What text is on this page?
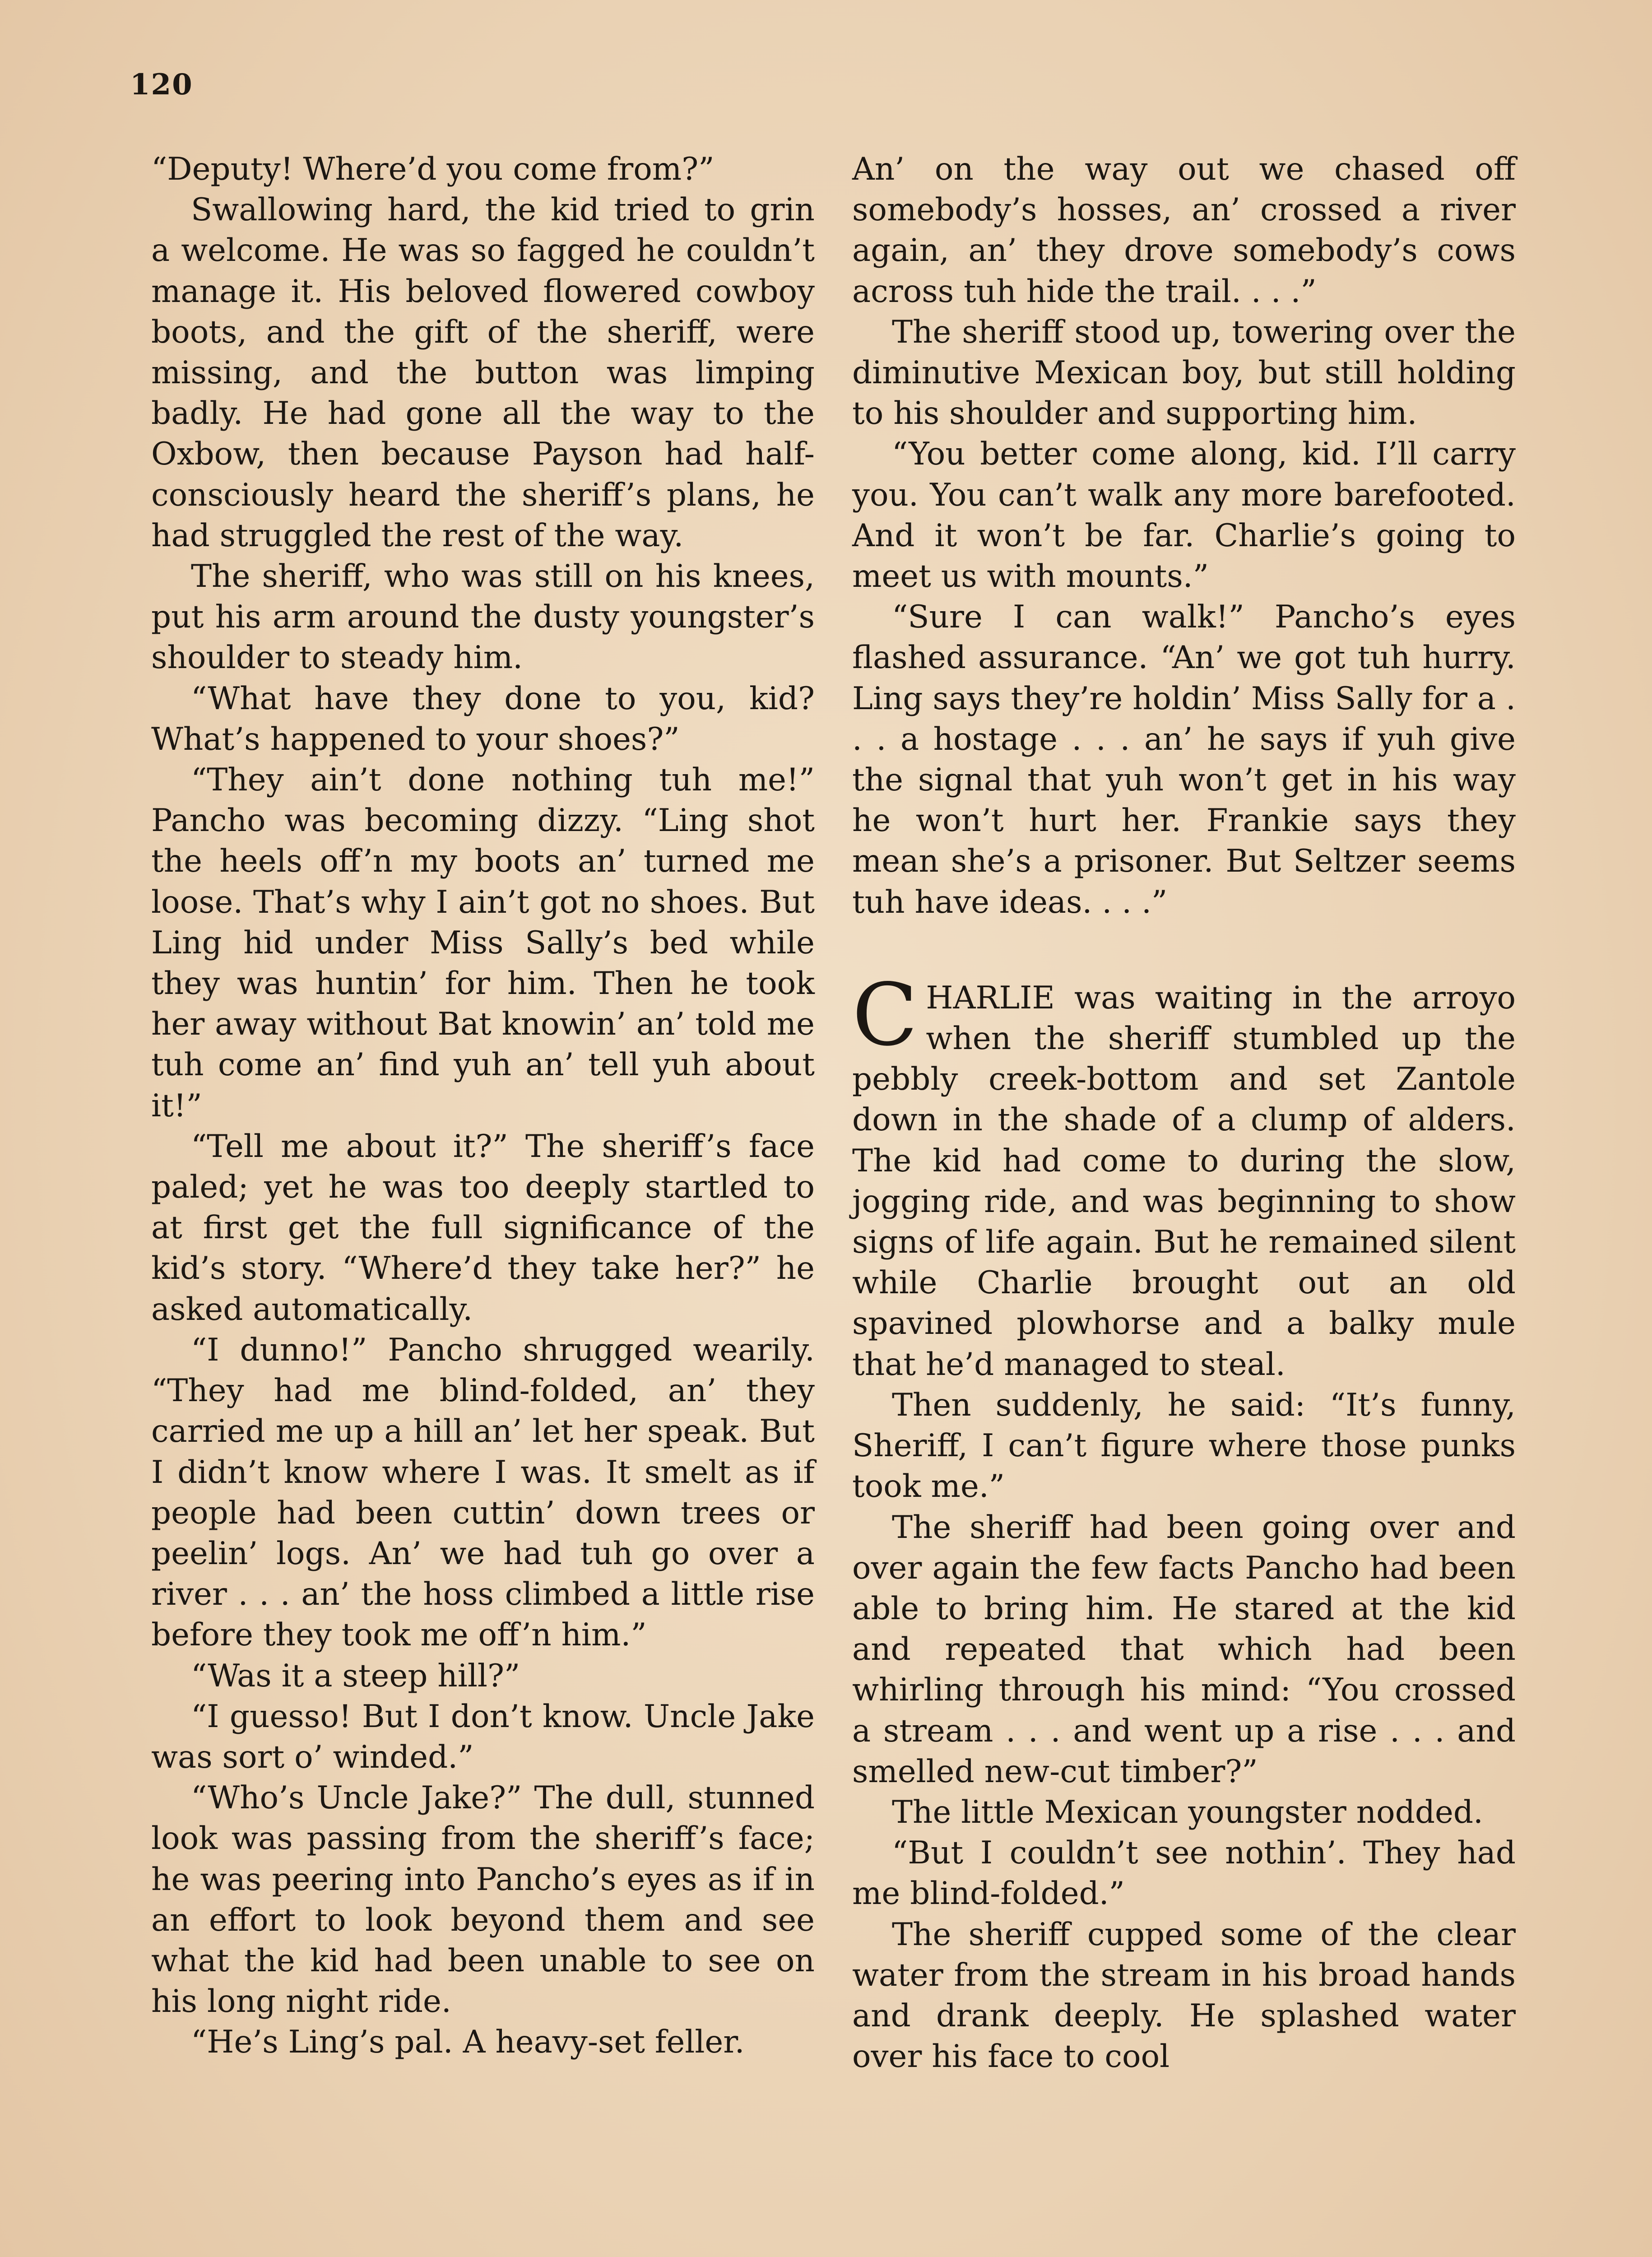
120

“Deputy! Where’d you come from?”

Swallowing hard, the kid tried to grin a welcome. He was so fagged he couldn’t manage it. His beloved flowered cowboy boots, and the gift of the sheriff, were missing, and the button was limping badly. He had gone all the way to the Oxbow, then because Payson had half-consciously heard the sheriff’s plans, he had struggled the rest of the way.

The sheriff, who was still on his knees, put his arm around the dusty youngster’s shoulder to steady him.

“What have they done to you, kid? What’s happened to your shoes?”

“They ain’t done nothing tuh me!” Pancho was becoming dizzy. “Ling shot the heels off’n my boots an’ turned me loose. That’s why I ain’t got no shoes. But Ling hid under Miss Sally’s bed while they was huntin’ for him. Then he took her away without Bat knowin’ an’ told me tuh come an’ find yuh an’ tell yuh about it!”

“Tell me about it?” The sheriff’s face paled; yet he was too deeply startled to at first get the full significance of the kid’s story. “Where’d they take her?” he asked automatically.

“I dunno!” Pancho shrugged wearily. “They had me blind-folded, an’ they carried me up a hill an’ let her speak. But I didn’t know where I was. It smelt as if people had been cuttin’ down trees or peelin’ logs. An’ we had tuh go over a river . . . an’ the hoss climbed a little rise before they took me off’n him.”

“Was it a steep hill?”

“I guesso! But I don’t know. Uncle Jake was sort o’ winded.”

“Who’s Uncle Jake?” The dull, stunned look was passing from the sheriff’s face; he was peering into Pancho’s eyes as if in an effort to look beyond them and see what the kid had been unable to see on his long night ride.

“He’s Ling’s pal. A heavy-set feller.

An’ on the way out we chased off somebody’s hosses, an’ crossed a river again, an’ they drove somebody’s cows across tuh hide the trail. . . .”

The sheriff stood up, towering over the diminutive Mexican boy, but still holding to his shoulder and supporting him.

“You better come along, kid. I’ll carry you. You can’t walk any more barefooted. And it won’t be far. Charlie’s going to meet us with mounts.”

“Sure I can walk!” Pancho’s eyes flashed assurance. “An’ we got tuh hurry. Ling says they’re holdin’ Miss Sally for a . . . a hostage . . . an’ he says if yuh give the signal that yuh won’t get in his way he won’t hurt her. Frankie says they mean she’s a prisoner. But Seltzer seems tuh have ideas. . . .”

CHARLIE was waiting in the arroyo when the sheriff stumbled up the pebbly creek-bottom and set Zantole down in the shade of a clump of alders. The kid had come to during the slow, jogging ride, and was beginning to show signs of life again. But he remained silent while Charlie brought out an old spavined plowhorse and a balky mule that he’d managed to steal.

Then suddenly, he said: “It’s funny, Sheriff, I can’t figure where those punks took me.”

The sheriff had been going over and over again the few facts Pancho had been able to bring him. He stared at the kid and repeated that which had been whirling through his mind: “You crossed a stream . . . and went up a rise . . . and smelled new-cut timber?”

The little Mexican youngster nodded.

“But I couldn’t see nothin’. They had me blind-folded.”

The sheriff cupped some of the clear water from the stream in his broad hands and drank deeply. He splashed water over his face to cool
